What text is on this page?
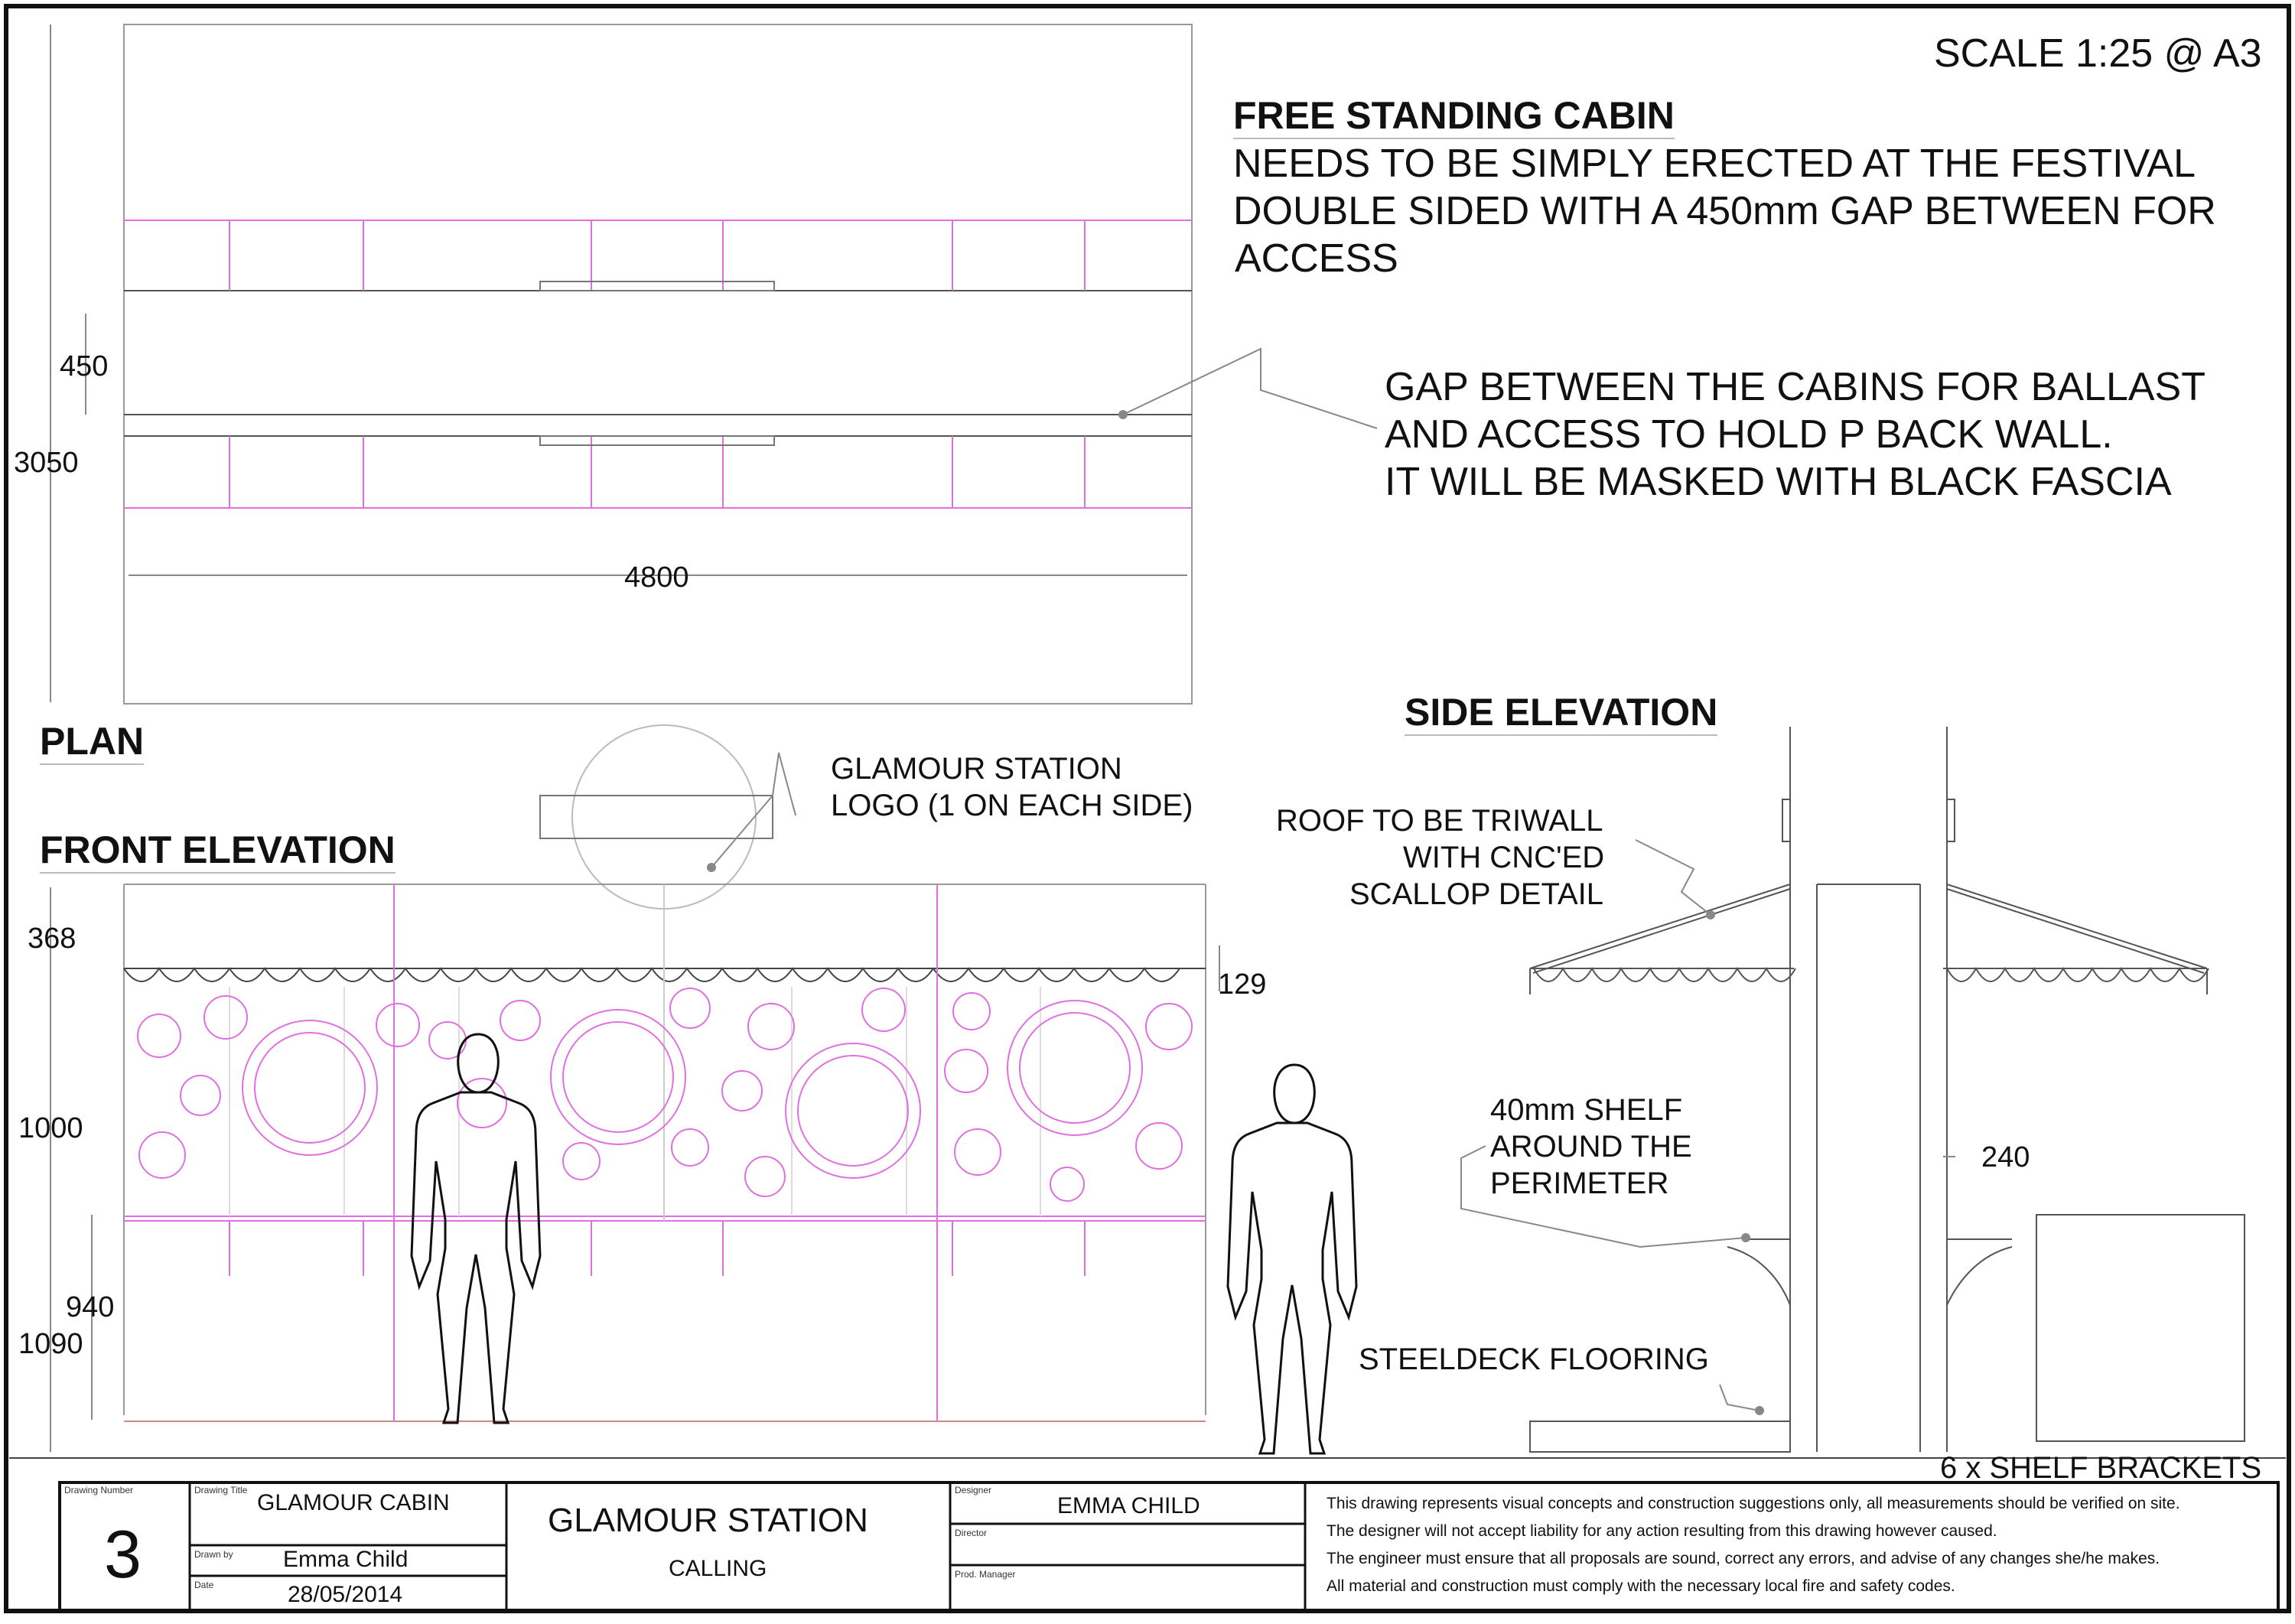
SCALE 1:25 @ A3
FREE STANDING CABIN
NEEDS TO BE SIMPLY ERECTED AT THE FESTIVAL
DOUBLE SIDED WITH A 450mm GAP BETWEEN FOR
ACCESS
GAP BETWEEN THE CABINS FOR BALLAST
AND ACCESS TO HOLD P BACK WALL.
IT WILL BE MASKED WITH BLACK FASCIA
450
3050
4800
PLAN
FRONT ELEVATION
SIDE ELEVATION
GLAMOUR STATION
LOGO (1 ON EACH SIDE)
368
129
1000
940
1090
ROOF TO BE TRIWALL
WITH CNC'ED
SCALLOP DETAIL
40mm SHELF
AROUND THE
PERIMETER
240
STEELDECK FLOORING
6 x SHELF BRACKETS
Drawing Number
3
Drawing Title GLAMOUR CABIN
Drawn by Emma Child
Date	28/05/2014
GLAMOUR STATION
CALLING
Designer
EMMA CHILD
Director
Prod. Manager
This drawing represents visual concepts and construction suggestions only, all measurements should be verified on site.
The designer will not accept liability for any action resulting from this drawing however caused.
The engineer must ensure that all proposals are sound, correct any errors, and advise of any changes she/he makes.
All material and construction must comply with the necessary local fire and safety codes.
